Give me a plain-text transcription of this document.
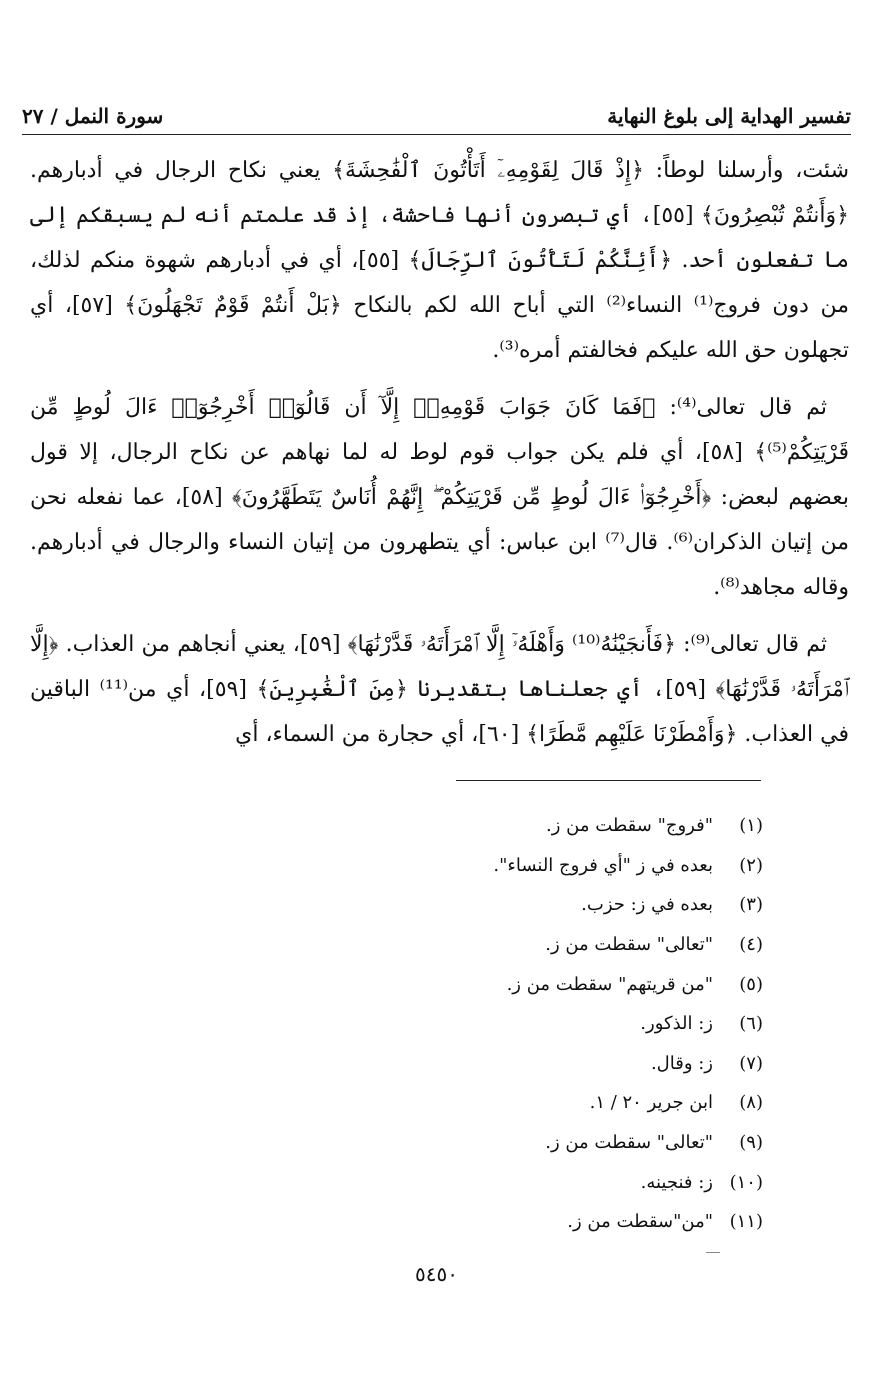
تفسير الهداية إلى بلوغ النهاية
سورة النمل / ٢٧

شئت، وأرسلنا لوطاً: ﴿إِذْ قَالَ لِقَوْمِهِۦٓ أَتَأْتُونَ ٱلْفَٰحِشَةَ﴾ يعني نكاح الرجال في أدبارهم. ﴿وَأَنتُمْ تُبْصِرُونَ﴾ [٥٥]، أي تبصرون أنها فاحشة، إذ قد علمتم أنه لم يسبقكم إلى ما تفعلون أحد. ﴿أَئِنَّكُمْ لَتَأْتُونَ ٱلرِّجَالَ﴾ [٥٥]، أي في أدبارهم شهوة منكم لذلك، من دون فروج⁽¹⁾ النساء⁽²⁾ التي أباح الله لكم بالنكاح ﴿بَلْ أَنتُمْ قَوْمٌ تَجْهَلُونَ﴾ [٥٧]، أي تجهلون حق الله عليكم فخالفتم أمره⁽³⁾.

ثم قال تعالى⁽⁴⁾: ﴿فَمَا كَانَ جَوَابَ قَوْمِهِۦٓ إِلَّآ أَن قَالُوٓا۟ أَخْرِجُوٓا۟ ءَالَ لُوطٍ مِّن قَرْيَتِكُمْ⁽⁵⁾﴾ [٥٨]، أي فلم يكن جواب قوم لوط له لما نهاهم عن نكاح الرجال، إلا قول بعضهم لبعض: ﴿أَخْرِجُوٓا۟ ءَالَ لُوطٍ مِّن قَرْيَتِكُمْ ۖ إِنَّهُمْ أُنَاسٌ يَتَطَهَّرُونَ﴾ [٥٨]، عما نفعله نحن من إتيان الذكران⁽⁶⁾. قال⁽⁷⁾ ابن عباس: أي يتطهرون من إتيان النساء والرجال في أدبارهم. وقاله مجاهد⁽⁸⁾.

ثم قال تعالى⁽⁹⁾: ﴿فَأَنجَيْنَٰهُ⁽¹⁰⁾ وَأَهْلَهُۥٓ إِلَّا ٱمْرَأَتَهُۥ قَدَّرْنَٰهَا﴾ [٥٩]، يعني أنجاهم من العذاب. ﴿إِلَّا ٱمْرَأَتَهُۥ قَدَّرْنَٰهَا﴾ [٥٩]، أي جعلناها بتقديرنا ﴿مِنَ ٱلْغَٰبِرِينَ﴾ [٥٩]، أي من⁽¹¹⁾ الباقين في العذاب. ﴿وَأَمْطَرْنَا عَلَيْهِم مَّطَرًا﴾ [٦٠]، أي حجارة من السماء، أي

(١)
"فروج" سقطت من ز.
(٢)
بعده في ز "أي فروج النساء".
(٣)
بعده في ز: حزب.
(٤)
"تعالى" سقطت من ز.
(٥)
"من قريتهم" سقطت من ز.
(٦)
ز: الذكور.
(٧)
ز: وقال.
(٨)
ابن جرير ٢٠ / ١.
(٩)
"تعالى" سقطت من ز.
(١٠)
ز: فنجينه.
(١١)
"من"سقطت من ز.
٥٤٥٠
